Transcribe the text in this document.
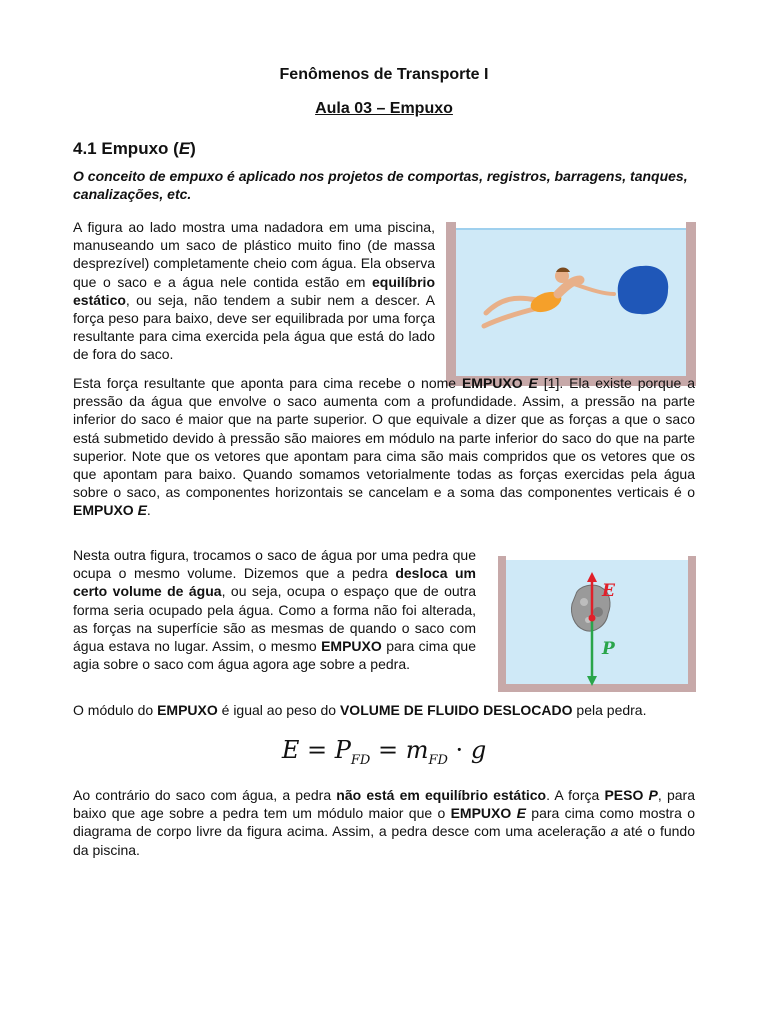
Fenômenos de Transporte I
Aula 03 – Empuxo
4.1 Empuxo (E)

O conceito de empuxo é aplicado nos projetos de comportas, registros, barragens, tanques, canalizações, etc.

A figura ao lado mostra uma nadadora em uma piscina, manuseando um saco de plástico muito fino (de massa desprezível) completamente cheio com água. Ela observa que o saco e a água nele contida estão em equilíbrio estático, ou seja, não tendem a subir nem a descer. A força peso para baixo, deve ser equilibrada por uma força resultante para cima exercida pela água que está do lado de fora do saco.

Esta força resultante que aponta para cima recebe o nome EMPUXO E [1]. Ela existe porque a pressão da água que envolve o saco aumenta com a profundidade. Assim, a pressão na parte inferior do saco é maior que na parte superior. O que equivale a dizer que as forças a que o saco está submetido devido à pressão são maiores em módulo na parte inferior do saco do que na parte superior. Note que os vetores que apontam para cima são mais compridos que os vetores que os que apontam para baixo. Quando somamos vetorialmente todas as forças exercidas pela água sobre o saco, as componentes horizontais se cancelam e a soma das componentes verticais é o EMPUXO E.

Nesta outra figura, trocamos o saco de água por uma pedra que ocupa o mesmo volume. Dizemos que a pedra desloca um certo volume de água, ou seja, ocupa o espaço que de outra forma seria ocupado pela água. Como a forma não foi alterada, as forças na superfície são as mesmas de quando o saco com água estava no lugar. Assim, o mesmo EMPUXO para cima que agia sobre o saco com água agora age sobre a pedra.

E
P

O módulo do EMPUXO é igual ao peso do VOLUME DE FLUIDO DESLOCADO pela pedra.

$E = P_{FD} = m_{FD} \cdot g$

Ao contrário do saco com água, a pedra não está em equilíbrio estático. A força PESO P, para baixo que age sobre a pedra tem um módulo maior que o EMPUXO E para cima como mostra o diagrama de corpo livre da figura acima. Assim, a pedra desce com uma aceleração a até o fundo da piscina.
